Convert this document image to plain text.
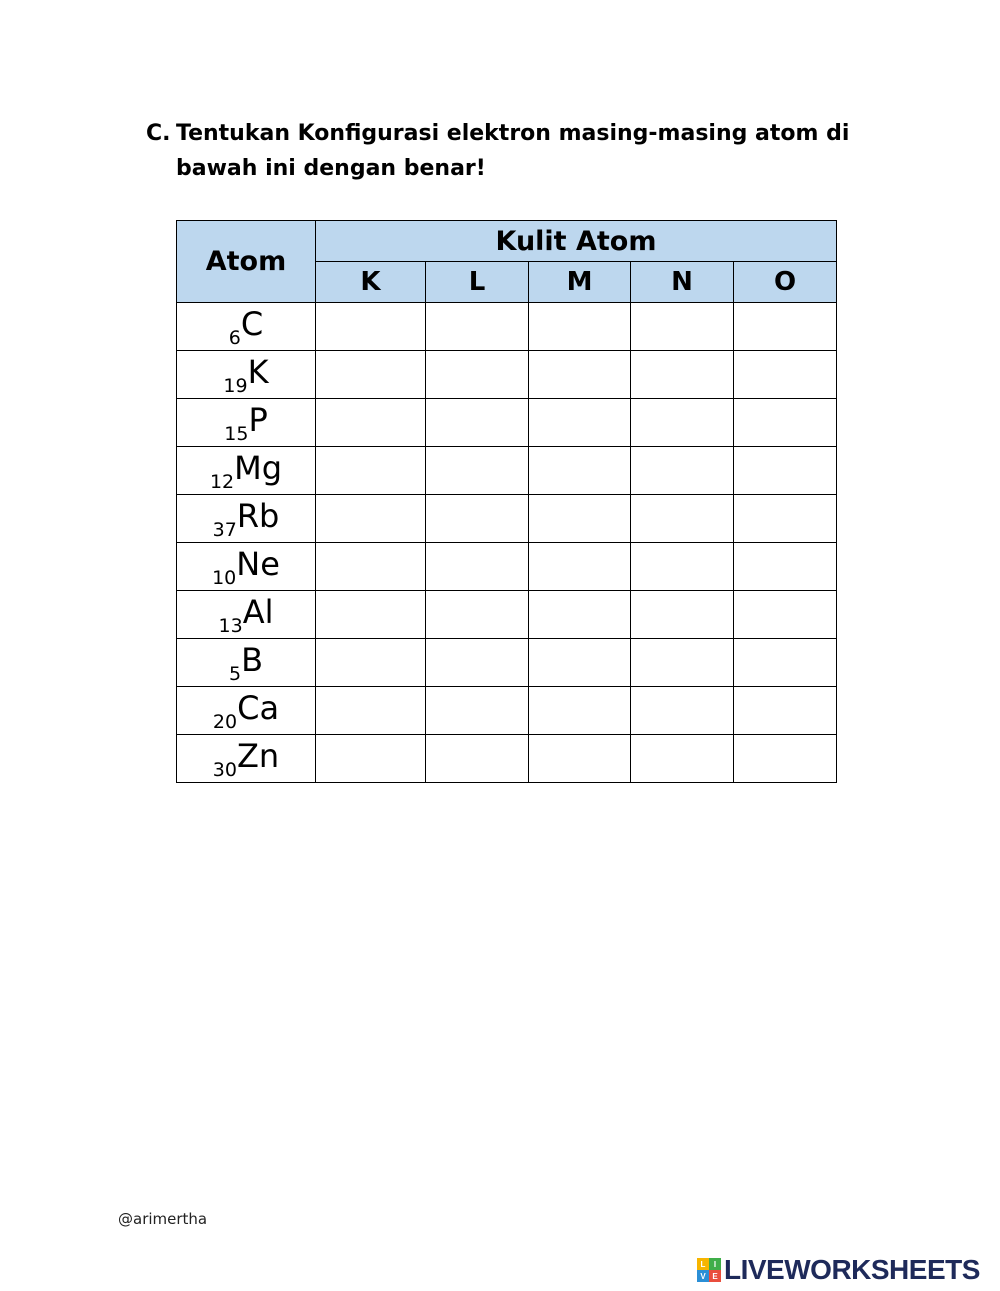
C. Tentukan Konfigurasi elektron masing-masing atom di bawah ini dengan benar!
Atom	Kulit Atom				
	K	L	M	N	O
$_6$C					
$_{19}$K					
$_{15}$P					
$_{12}$Mg					
$_{37}$Rb					
$_{10}$Ne					
$_{13}$Al					
$_5$B					
$_{20}$Ca					
$_{30}$Zn					
@arimertha
L	I
V E LIVEWORKSHEETS
